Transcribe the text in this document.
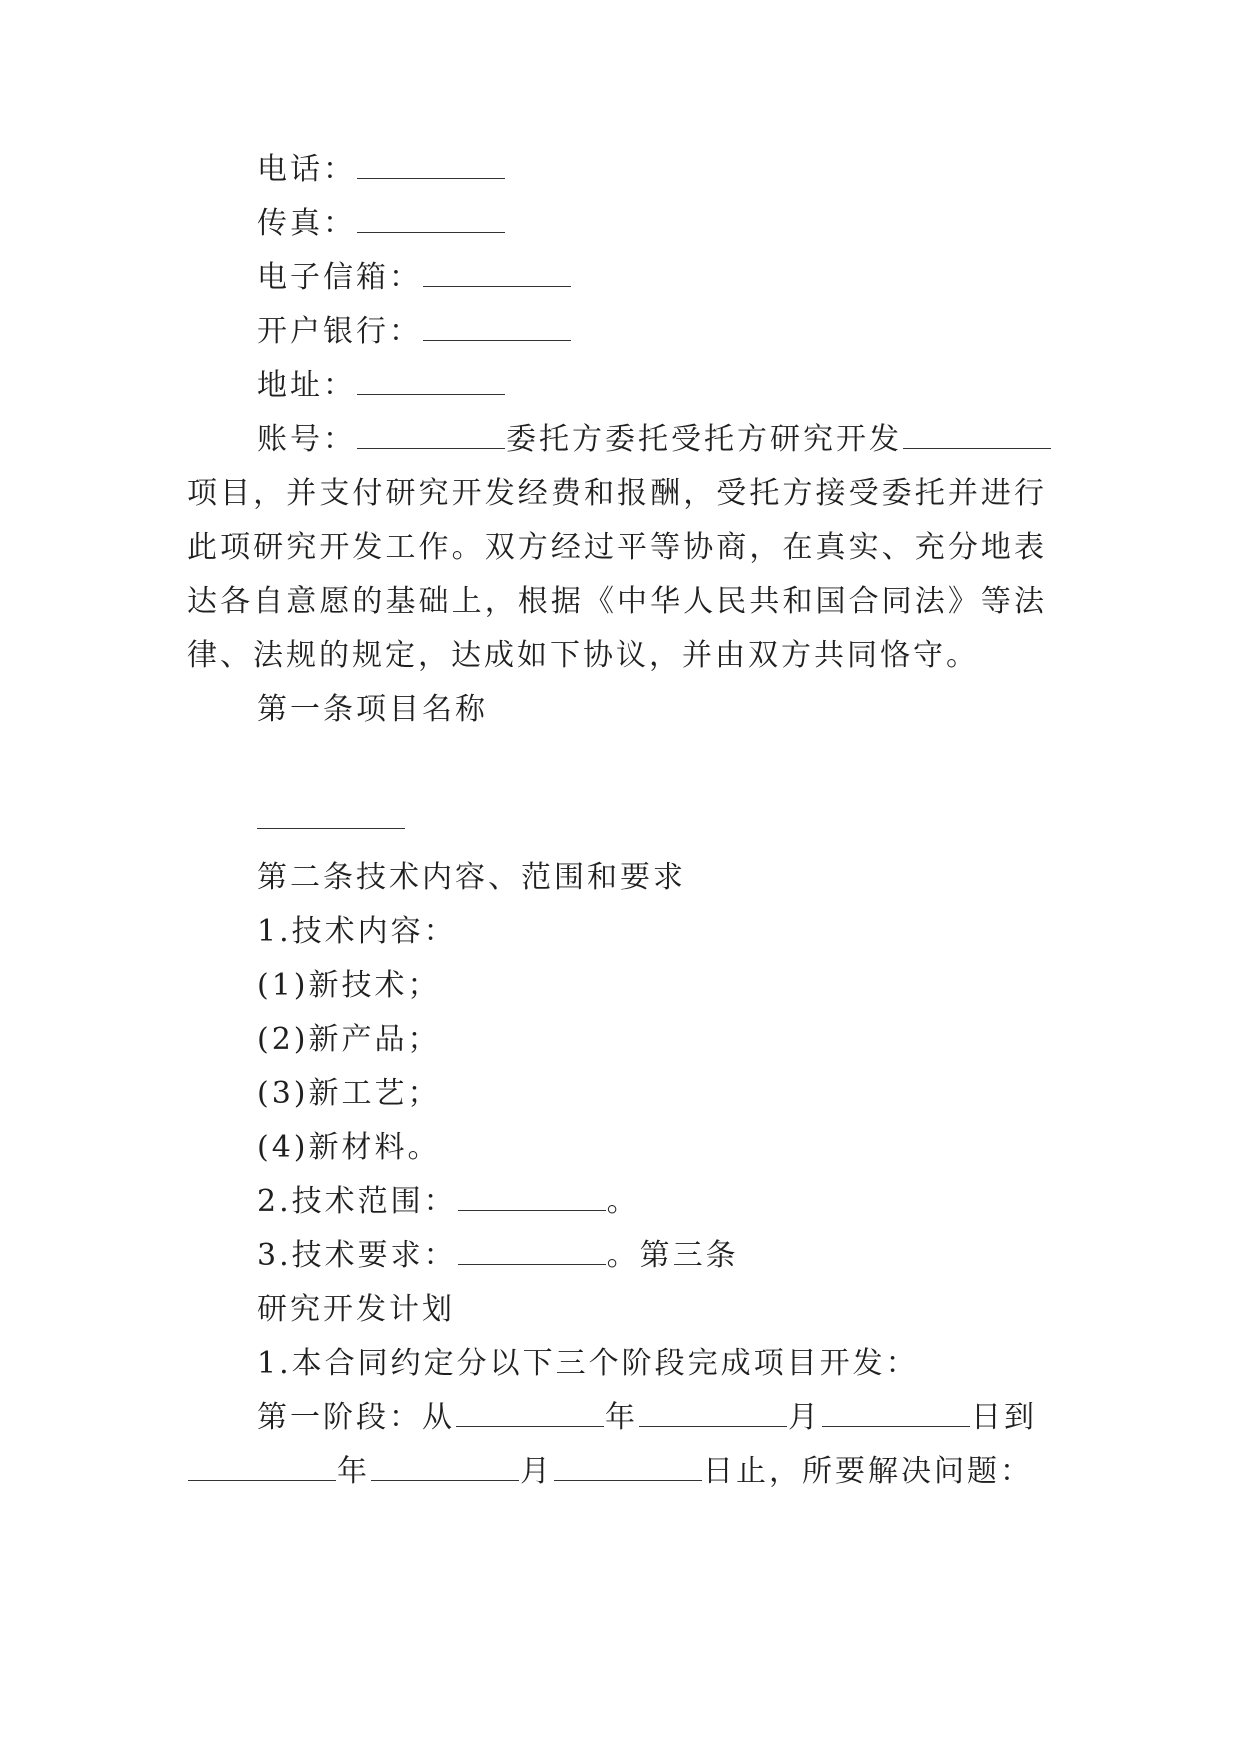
电话：
传真：
电子信箱：
开户银行：
地址：
账号：	委托方委托受托方研究开发
项目，并支付研究开发经费和报酬，受托方接受委托并进行
此项研究开发工作。双方经过平等协商，在真实、充分地表
达各自意愿的基础上，根据《中华人民共和国合同法》等法
律、法规的规定，达成如下协议，并由双方共同恪守。
第一条项目名称
第二条技术内容、范围和要求
1.技术内容：
(1)新技术；
(2)新产品；
(3)新工艺；
(4)新材料。
2.技术范围：	。
3.技术要求：	。第三条
研究开发计划
1.本合同约定分以下三个阶段完成项目开发：
第一阶段：从	年	月	日到
年	月	日止，所要解决问题：
